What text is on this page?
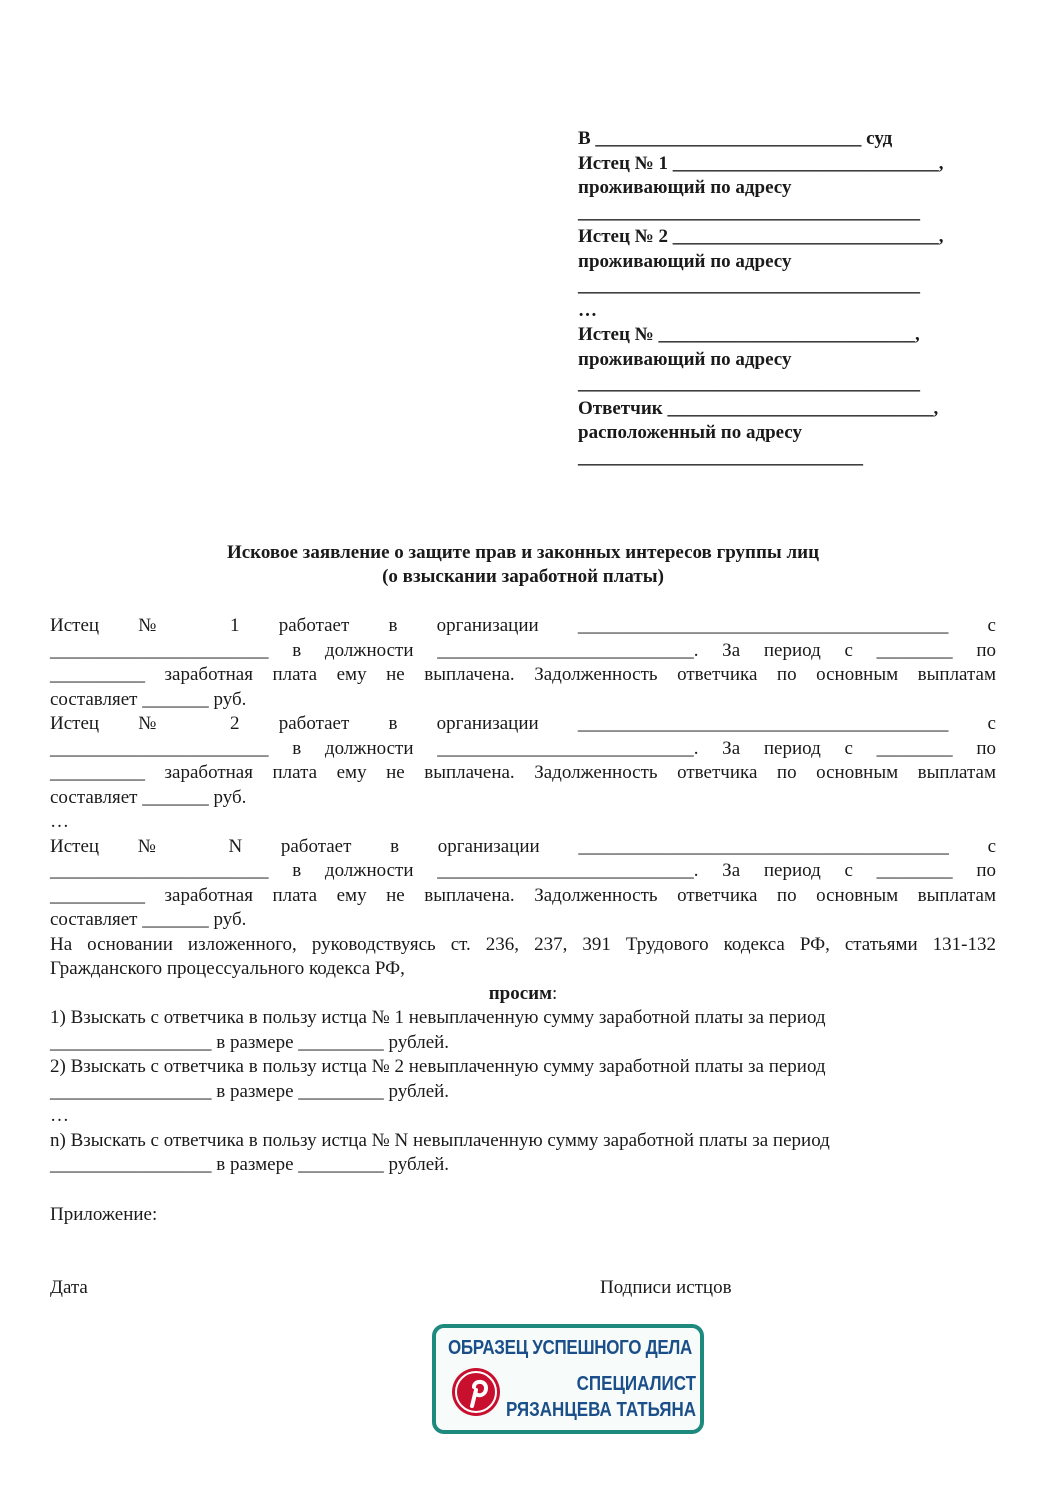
В ____________________________ суд
Истец № 1 ____________________________,
проживающий по адресу
____________________________________
Истец № 2 ____________________________,
проживающий по адресу
____________________________________
…
Истец № ___________________________,
проживающий по адресу
____________________________________
Ответчик ____________________________,
расположенный по адресу
______________________________
Исковое заявление о защите прав и законных интересов группы лиц
(о взыскании заработной платы)
Истец № 1 работает в организации _______________________________________ с
_______________________ в должности ___________________________. За период с ________ по
__________ заработная плата ему не выплачена. Задолженность ответчика по основным выплатам
составляет _______ руб.
Истец № 2 работает в организации _______________________________________ с
_______________________ в должности ___________________________. За период с ________ по
__________ заработная плата ему не выплачена. Задолженность ответчика по основным выплатам
составляет _______ руб.
…
Истец № N работает в организации _______________________________________ с
_______________________ в должности ___________________________. За период с ________ по
__________ заработная плата ему не выплачена. Задолженность ответчика по основным выплатам
составляет _______ руб.
На основании изложенного, руководствуясь ст. 236, 237, 391 Трудового кодекса РФ, статьями 131-132
Гражданского процессуального кодекса РФ,
просим:
1) Взыскать с ответчика в пользу истца № 1 невыплаченную сумму заработной платы за период
_________________ в размере _________ рублей.
2) Взыскать с ответчика в пользу истца № 2 невыплаченную сумму заработной платы за период
_________________ в размере _________ рублей.
…
n) Взыскать с ответчика в пользу истца № N невыплаченную сумму заработной платы за период
_________________ в размере _________ рублей.
Приложение:
Дата	Подписи истцов
ОБРАЗЕЦ УСПЕШНОГО ДЕЛА
СПЕЦИАЛИСТ
РЯЗАНЦЕВА ТАТЬЯНА
